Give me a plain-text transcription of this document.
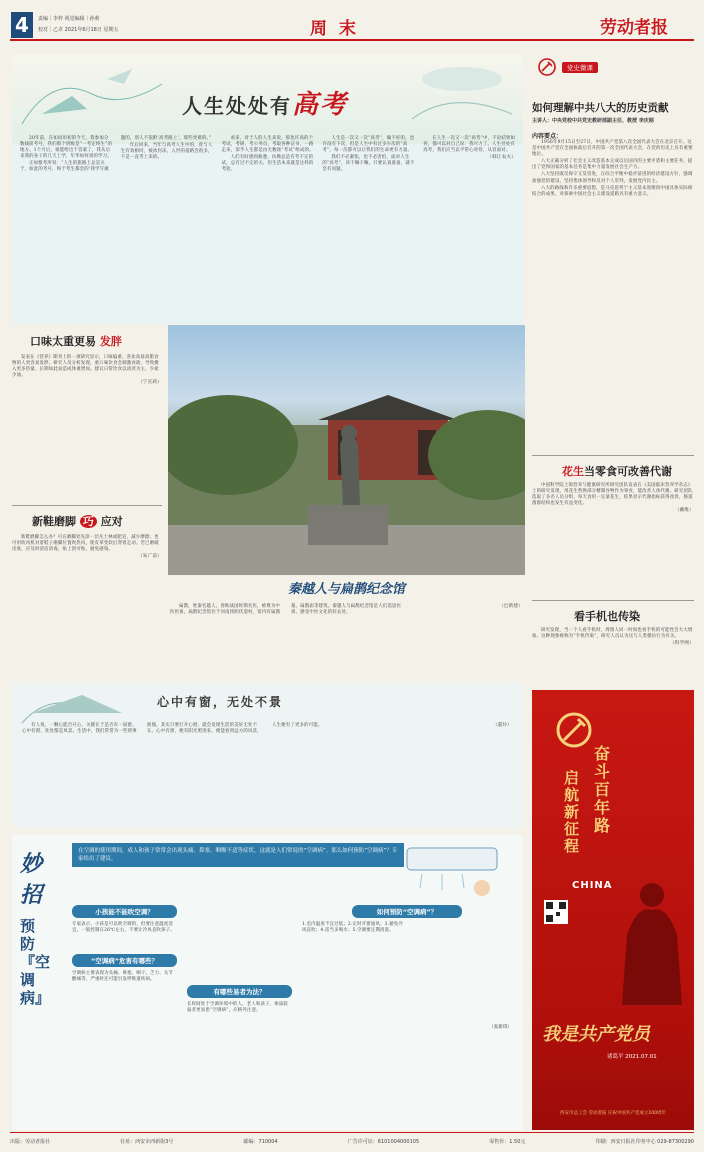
4	责编｜李梓 视觉编辑｜孙莉
校对｜乙卓 2021年6月18日 星期五	周 末	劳动者报
人生处处有高考

20年前，在如同用初的今天，我参加分数线前考号，我们那个班级是“一考定终生”的地方。1个月后，谁能给出个答案了，我从后来我的身子的几天上学，年华如何到的学习。

正如惟考所说：“人生的旅路上总是关于，如此的考号，终于考生都会的‘我学写做题的，别人不依附‘高考路上’，那些更难的。”

年后回来，当年与高考人生中的，曾与人生有效相同，被冰封冻，入世的道路会很多，不是一直考上来的。

看来，对于人的人生来说，那也许高的个考试，考研，考公务员，考取各种证书，一路走来，似乎人生都是由无数场“考试”组成的。

人们有时感到疲惫，仿佛总是有考不完的试，总有过不完的关，但生活本来就是这样的考验。

人生是一次又一次“高考”，做不好的，也许没有下次，但是人生中有过多少次的“高考”，每一次都可以让我们的生命更有力量。

我们不必紧张，也不必害怕，面对人生的“高考”，该干嘛干嘛，只要认真准备，就不会有问题。

在人生一次又一次“高考”中，不论结果如何，都可以对自己说：我尽力了。人生处处有高考，我们应当以平常心对待，从容面对。

（韩江农夫）
党史微课
如何理解中共八大的历史贡献
主讲人：中央党校中共党史教研部副主任、教授 李庆刚
内容要点：

1956年9月15日至27日，中国共产党第八次全国代表大会在北京召开。这是中国共产党在全国执政后召开的第一次全国代表大会，在党的历史上具有重要地位。

八大正确分析了社会主义改造基本完成以后国内的主要矛盾和主要任务，提出了党和国家的基本任务是集中力量发展社会生产力。

八大坚持既反保守又反冒进，在综合平衡中稳步前进的经济建设方针，强调加强党的建设，坚持集体领导和反对个人崇拜，发展党内民主。

八大的路线和许多重要思想，是马克思列宁主义基本原理同中国具体实际相结合的成果，对探索中国社会主义建设道路具有重大意义。

花生当零食可改善代谢

中国科学院上海营养与健康研究所研究团队发表在《美国临床营养学杂志》上的研究发现，用花生替换部分精制谷物作为零食，能改善人体代谢。研究团队选取了多名人员分组，每天食用一定量花生，结果显示代谢指标获得改善，肠道菌群结构也发生有益变化。

（戴维）
看手机也传染

研究发现，当一个人看手机时，周围人同一时间也看手机的可能性会大大增加。这种现象被称为“手机传染”，研究人员认为这与人类模仿行为有关。

（科学网）
口味太重更易 发胖

发表在《营养》期刊上的一项研究显示，口味偏重、喜欢高盐高脂食物的人更容易发胖。研究人员分析发现，重口味饮食会刺激食欲，导致摄入更多热量，长期如此易造成体重增加。建议日常饮食以清淡为主，少盐少油。

（宁宣莉）
新鞋磨脚 巧 应对

新鞋磨脚怎么办？可在磨脚处先涂一层凡士林或肥皂，减少摩擦；也可用吹风机对着鞋子磨脚位置吹热风，使皮革变软后穿着走动。若已磨破皮肤，应及时清洁消毒，贴上创可贴，避免感染。

（朱广前）
秦越人与扁鹊纪念馆

扁鹊，姓秦名越人，春秋战国时期名医，被尊为中医医祖。扁鹊纪念馆位于河南汤阴伏道村，馆内有扁鹊墓、扁鹊庙等建筑。秦越人与扁鹊纪念馆是人们追思医祖、感受中医文化的好去处。

（巴新建）
心中有窗，无处不景

有人说，一颗心能否开心，关键在于是否有一扇窗。心中有窗，处处都是风景。生活中，我们常常为一些琐事烦恼，其实只要打开心窗，就会发现生活的美好无处不在。心中有窗，便有阳光照进来，便能看到远方的风景，人生便有了更多的可能。	（董玲）
妙
招
预防『空调病』
在空调的使用期间，成人和孩子常常会出现头痛、鼻塞、咽喉不适等症状，这就是人们常说的“空调病”。那么如何预防“空调病”？专家给出了建议。
小孩能不能吹空调？
专家表示，小孩是可以吹空调的，但要注意温度适宜，一般控制在26℃左右，不要让冷风直吹孩子。
“空调病”危害有哪些？
空调病主要表现为头痛、鼻塞、咽干、乏力、关节酸痛等，严重时还可能引发呼吸道疾病。
有哪些易者为法？
长时间处于空调环境中的人、老人和孩子、体质较弱者更易患“空调病”，应格外注意。
如何预防“空调病”？
1.室内温度不宜过低；2.定时开窗通风；3.避免冷风直吹；4.适当多喝水；5.空调要定期清洗。
（张新琪）
启航新征程
奋斗百年路
CHINA
我是共产党员
诸葛平 2021.07.01
西安市总工会 劳动者报 庆祝中国共产党成立100周年
出版：劳动者报社	社址：西安市西新街3号	邮编：710004	广告许可证：6101004000105	零售价：1.50元	印刷：西安日报社印务中心 029-87300290
